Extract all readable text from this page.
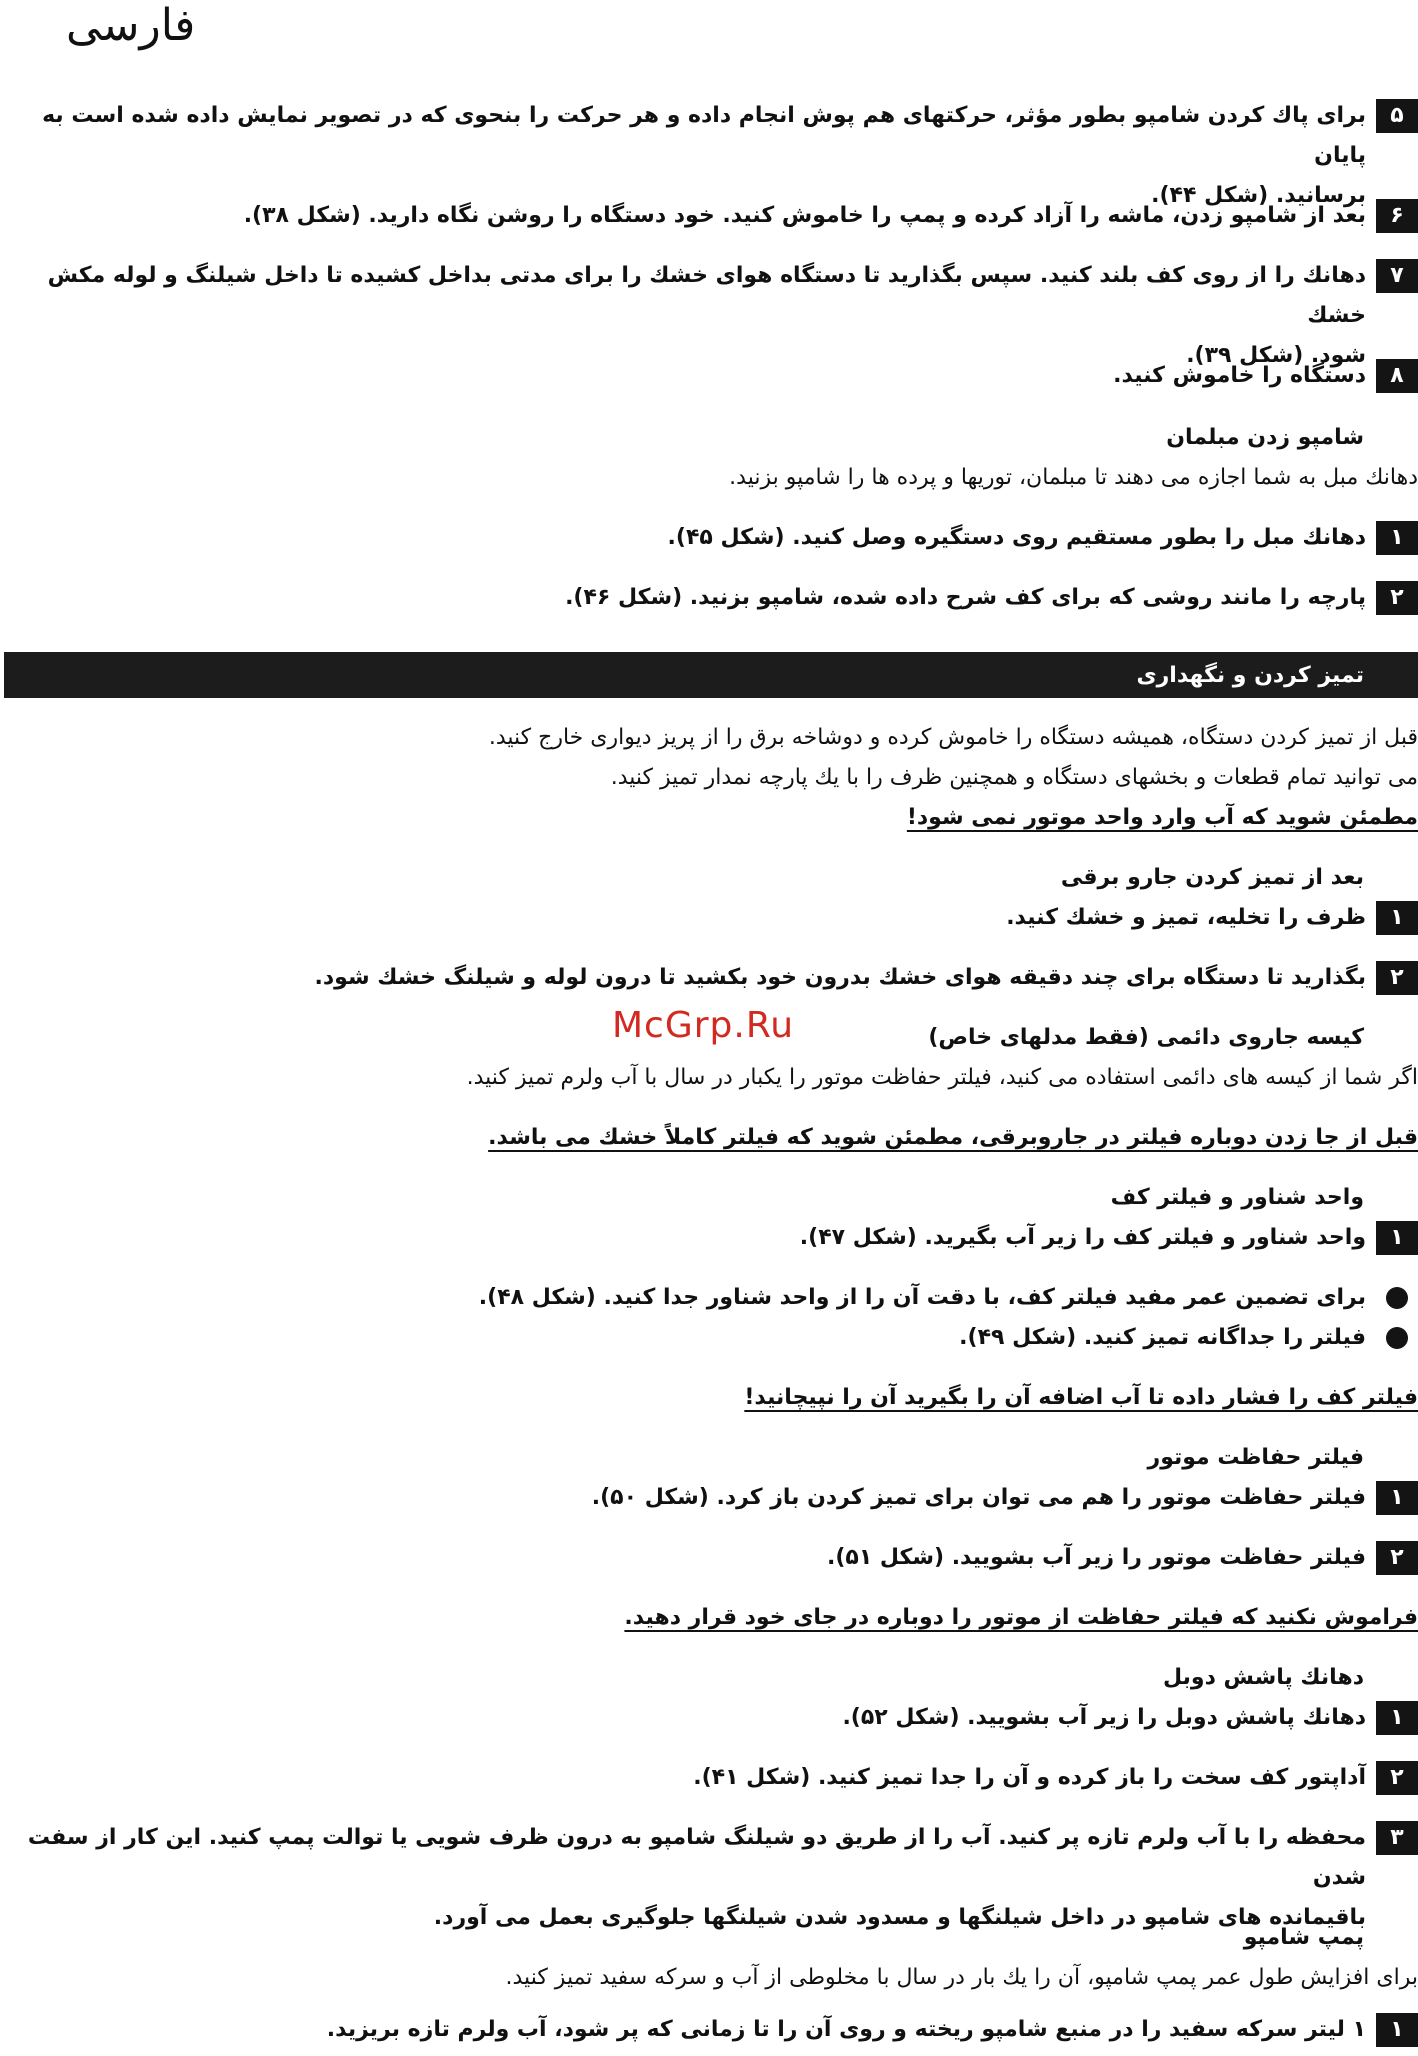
فارسی
۵
برای پاك كردن شامپو بطور مؤثر، حركتهای هم پوش انجام داده و هر حركت را بنحوی كه در تصویر نمایش داده شده است به پایان
برسانید. (شكل ۴۴).
۶
بعد از شامپو زدن، ماشه را آزاد كرده و پمپ را خاموش كنید. خود دستگاه را روشن نگاه دارید. (شكل ۳۸).
۷
دهانك را از روی كف بلند كنید. سپس بگذارید تا دستگاه هوای خشك را برای مدتی بداخل كشیده تا داخل شیلنگ و لوله مكش خشك
شود. (شكل ۳۹).
۸
دستگاه را خاموش كنید.
شامپو زدن مبلمان
دهانك مبل به شما اجازه می دهند تا مبلمان، توریها و پرده ها را شامپو بزنید.
۱
دهانك مبل را بطور مستقیم روی دستگیره وصل كنید. (شكل ۴۵).
۲
پارچه را مانند روشی كه برای كف شرح داده شده، شامپو بزنید. (شكل ۴۶).
تمیز كردن و نگهداری
قبل از تمیز كردن دستگاه، همیشه دستگاه را خاموش كرده و دوشاخه برق را از پریز دیواری خارج كنید.
می توانید تمام قطعات و بخشهای دستگاه و همچنین ظرف را با یك پارچه نمدار تمیز كنید.
مطمئن شوید كه آب وارد واحد موتور نمی شود!
بعد از تمیز كردن جارو برقی
۱
ظرف را تخلیه، تمیز و خشك كنید.
۲
بگذارید تا دستگاه برای چند دقیقه هوای خشك بدرون خود بكشید تا درون لوله و شیلنگ خشك شود.
McGrp.Ru	كیسه جاروی دائمی (فقط مدلهای خاص)
اگر شما از كیسه های دائمی استفاده می كنید، فیلتر حفاظت موتور را یكبار در سال با آب ولرم تمیز كنید.
قبل از جا زدن دوباره فیلتر در جاروبرقی، مطمئن شوید كه فیلتر كاملاً خشك می باشد.
واحد شناور و فیلتر كف
۱
واحد شناور و فیلتر كف را زیر آب بگیرید. (شكل ۴۷).
برای تضمین عمر مفید فیلتر كف، با دقت آن را از واحد شناور جدا كنید. (شكل ۴۸).
فیلتر را جداگانه تمیز كنید. (شكل ۴۹).
فیلتر كف را فشار داده تا آب اضافه آن را بگیرید آن را نپیچانید!
فیلتر حفاظت موتور
۱
فیلتر حفاظت موتور را هم می توان برای تمیز كردن باز كرد. (شكل ۵۰).
۲
فیلتر حفاظت موتور را زیر آب بشویید. (شكل ۵۱).
فراموش نكنید كه فیلتر حفاظت از موتور را دوباره در جای خود قرار دهید.
دهانك پاشش دوبل
۱
دهانك پاشش دوبل را زیر آب بشویید. (شكل ۵۲).
۲
آداپتور كف سخت را باز كرده و آن را جدا تمیز كنید. (شكل ۴۱).
۳
محفظه را با آب ولرم تازه پر كنید. آب را از طریق دو شیلنگ شامپو به درون ظرف شویی یا توالت پمپ كنید. این كار از سفت شدن
باقیمانده های شامپو در داخل شیلنگها و مسدود شدن شیلنگها جلوگیری بعمل می آورد.
پمپ شامپو
برای افزایش طول عمر پمپ شامپو، آن را یك بار در سال با مخلوطی از آب و سركه سفید تمیز كنید.
۱
۱ لیتر سركه سفید را در منبع شامپو ریخته و روی آن را تا زمانی كه پر شود، آب ولرم تازه بریزید.
